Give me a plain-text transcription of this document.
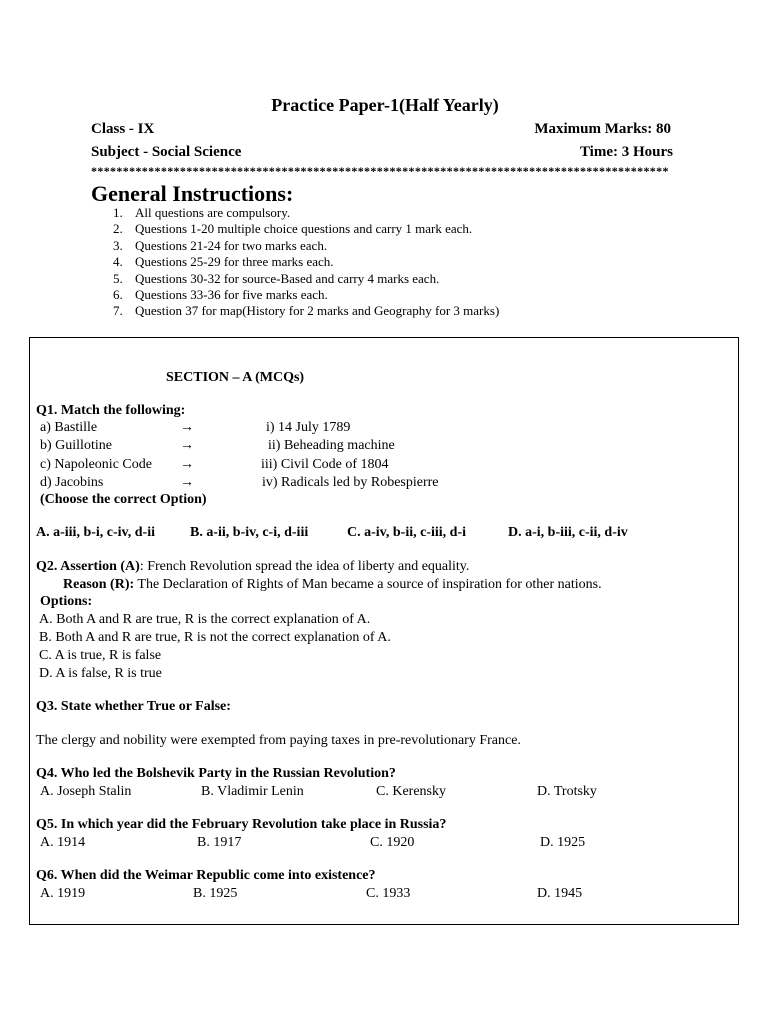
Practice Paper-1(Half Yearly)
Class - IX	Maximum Marks: 80
Subject - Social Science	Time: 3 Hours
*******************************************************************************************
General Instructions:
1. All questions are compulsory.
2. Questions 1-20 multiple choice questions and carry 1 mark each.
3. Questions 21-24 for two marks each.
4. Questions 25-29 for three marks each.
5. Questions 30-32 for source-Based and carry 4 marks each.
6. Questions 33-36 for five marks each.
7. Question 37 for map(History for 2 marks and Geography for 3 marks)
SECTION – A (MCQs)
Q1. Match the following:
a) Bastille	→	i) 14 July 1789
b) Guillotine	→	ii) Beheading machine
c) Napoleonic Code →	iii) Civil Code of 1804
d) Jacobins	→	iv) Radicals led by Robespierre
(Choose the correct Option)
A. a-iii, b-i, c-iv, d-ii	B. a-ii, b-iv, c-i, d-iii	C. a-iv, b-ii, c-iii, d-i	D. a-i, b-iii, c-ii, d-iv
Q2. Assertion (A): French Revolution spread the idea of liberty and equality.
Reason (R): The Declaration of Rights of Man became a source of inspiration for other nations.
Options:
A. Both A and R are true, R is the correct explanation of A.
B. Both A and R are true, R is not the correct explanation of A.
C. A is true, R is false
D. A is false, R is true
Q3. State whether True or False:
The clergy and nobility were exempted from paying taxes in pre-revolutionary France.
Q4. Who led the Bolshevik Party in the Russian Revolution?
A. Joseph Stalin	B. Vladimir Lenin	C. Kerensky	D. Trotsky
Q5. In which year did the February Revolution take place in Russia?
A. 1914	B. 1917	C. 1920	D. 1925
Q6. When did the Weimar Republic come into existence?
A. 1919	B. 1925	C. 1933	D. 1945
